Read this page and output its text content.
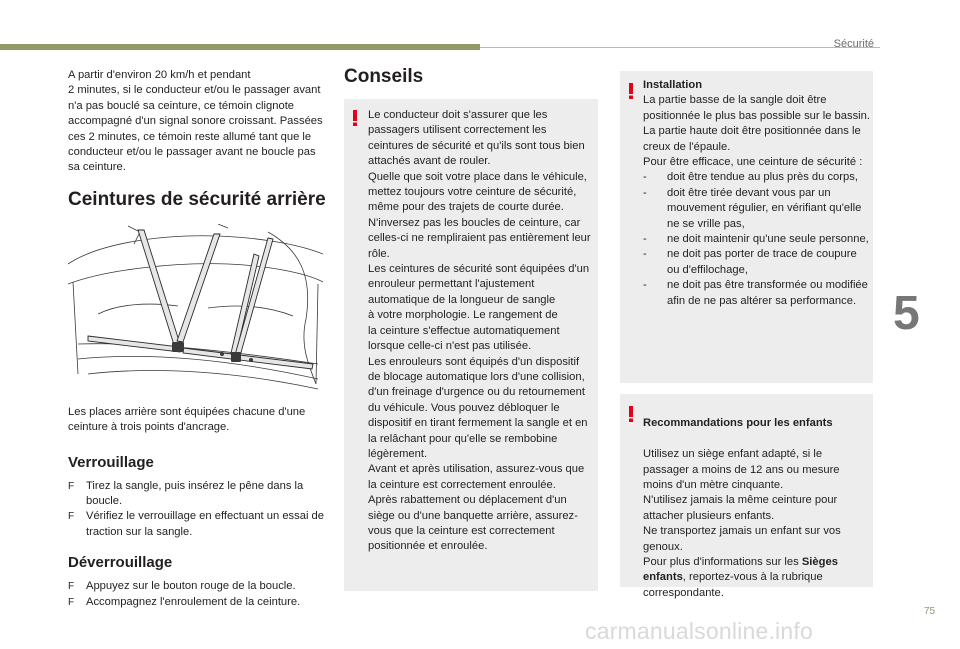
Sécurité
5
75
carmanualsonline.info
A partir d'environ 20 km/h et pendant
2 minutes, si le conducteur et/ou le passager avant n'a pas bouclé sa ceinture, ce témoin clignote accompagné d'un signal sonore croissant. Passées ces 2 minutes, ce témoin reste allumé tant que le conducteur et/ou le passager avant ne boucle pas sa ceinture.
Ceintures de sécurité arrière
Les places arrière sont équipées chacune d'une ceinture à trois points d'ancrage.
Verrouillage
F Tirez la sangle, puis insérez le pêne dans la boucle.
F Vérifiez le verrouillage en effectuant un essai de traction sur la sangle.
Déverrouillage
F Appuyez sur le bouton rouge de la boucle.
F Accompagnez l'enroulement de la ceinture.
Conseils
Le conducteur doit s'assurer que les passagers utilisent correctement les ceintures de sécurité et qu'ils sont tous bien attachés avant de rouler.
Quelle que soit votre place dans le véhicule, mettez toujours votre ceinture de sécurité, même pour des trajets de courte durée.
N'inversez pas les boucles de ceinture, car celles-ci ne rempliraient pas entièrement leur rôle.
Les ceintures de sécurité sont équipées d'un enrouleur permettant l'ajustement automatique de la longueur de sangle
à votre morphologie. Le rangement de
la ceinture s'effectue automatiquement lorsque celle-ci n'est pas utilisée.
Les enrouleurs sont équipés d'un dispositif de blocage automatique lors d'une collision, d'un freinage d'urgence ou du retournement du véhicule. Vous pouvez débloquer le dispositif en tirant fermement la sangle et en la relâchant pour qu'elle se rembobine légèrement.
Avant et après utilisation, assurez-vous que la ceinture est correctement enroulée.
Après rabattement ou déplacement d'un siège ou d'une banquette arrière, assurez-vous que la ceinture est correctement positionnée et enroulée.
Installation
La partie basse de la sangle doit être positionnée le plus bas possible sur le bassin.
La partie haute doit être positionnée dans le creux de l'épaule.
Pour être efficace, une ceinture de sécurité :
- doit être tendue au plus près du corps,
- doit être tirée devant vous par un mouvement régulier, en vérifiant qu'elle ne se vrille pas,
- ne doit maintenir qu'une seule personne,
- ne doit pas porter de trace de coupure ou d'effilochage,
- ne doit pas être transformée ou modifiée afin de ne pas altérer sa performance.

Recommandations pour les enfants

Utilisez un siège enfant adapté, si le passager a moins de 12 ans ou mesure moins d'un mètre cinquante.
N'utilisez jamais la même ceinture pour attacher plusieurs enfants.
Ne transportez jamais un enfant sur vos genoux.
Pour plus d'informations sur les Sièges enfants, reportez-vous à la rubrique correspondante.
